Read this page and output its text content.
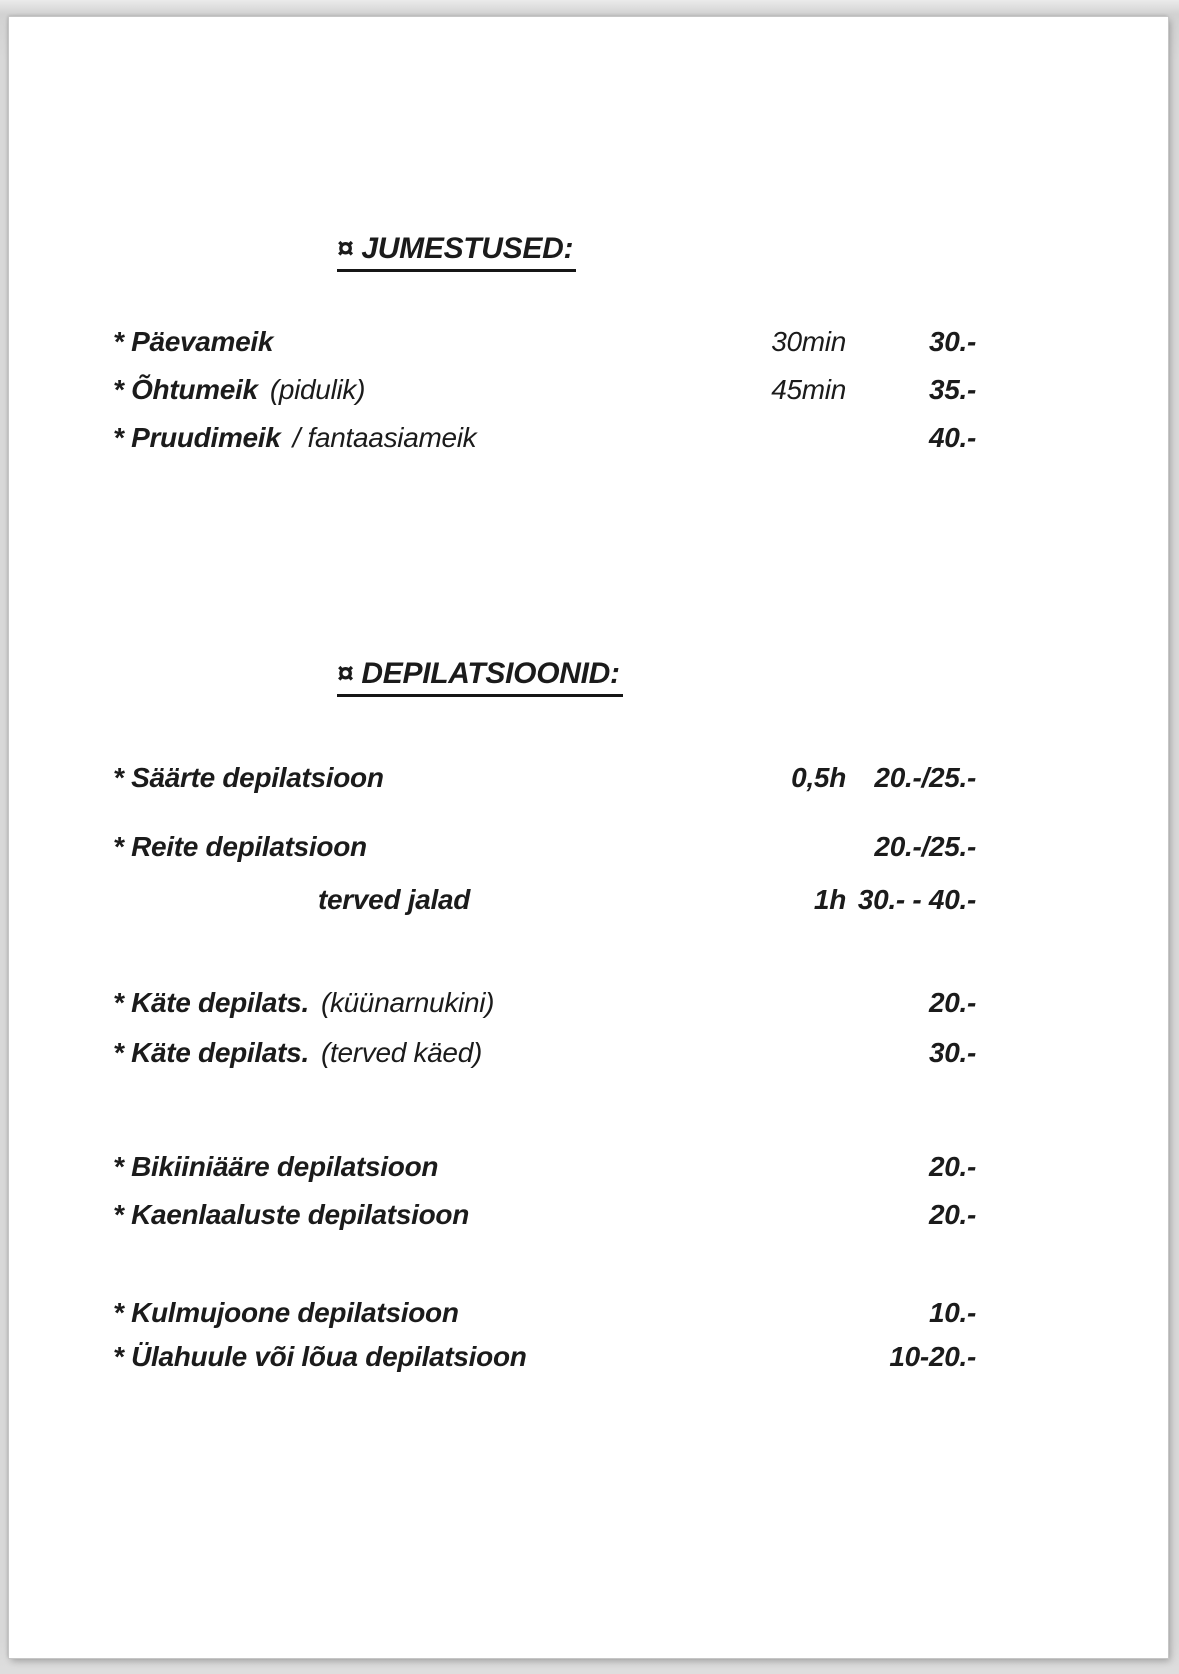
¤ JUMESTUSED:
¤ DEPILATSIOONID:
* Päevameik	30min	30.-
* Õhtumeik (pidulik)	45min	35.-
* Pruudimeik / fantaasiameik	40.-
* Säärte depilatsioon	0,5h	20.-/25.-
* Reite depilatsioon	20.-/25.-
terved jalad	1h 30.- - 40.-
* Käte depilats. (küünarnukini)	20.-
* Käte depilats. (terved käed)	30.-
* Bikiiniääre depilatsioon	20.-
* Kaenlaaluste depilatsioon	20.-
* Kulmujoone depilatsioon	10.-
* Ülahuule või lõua depilatsioon	10-20.-
